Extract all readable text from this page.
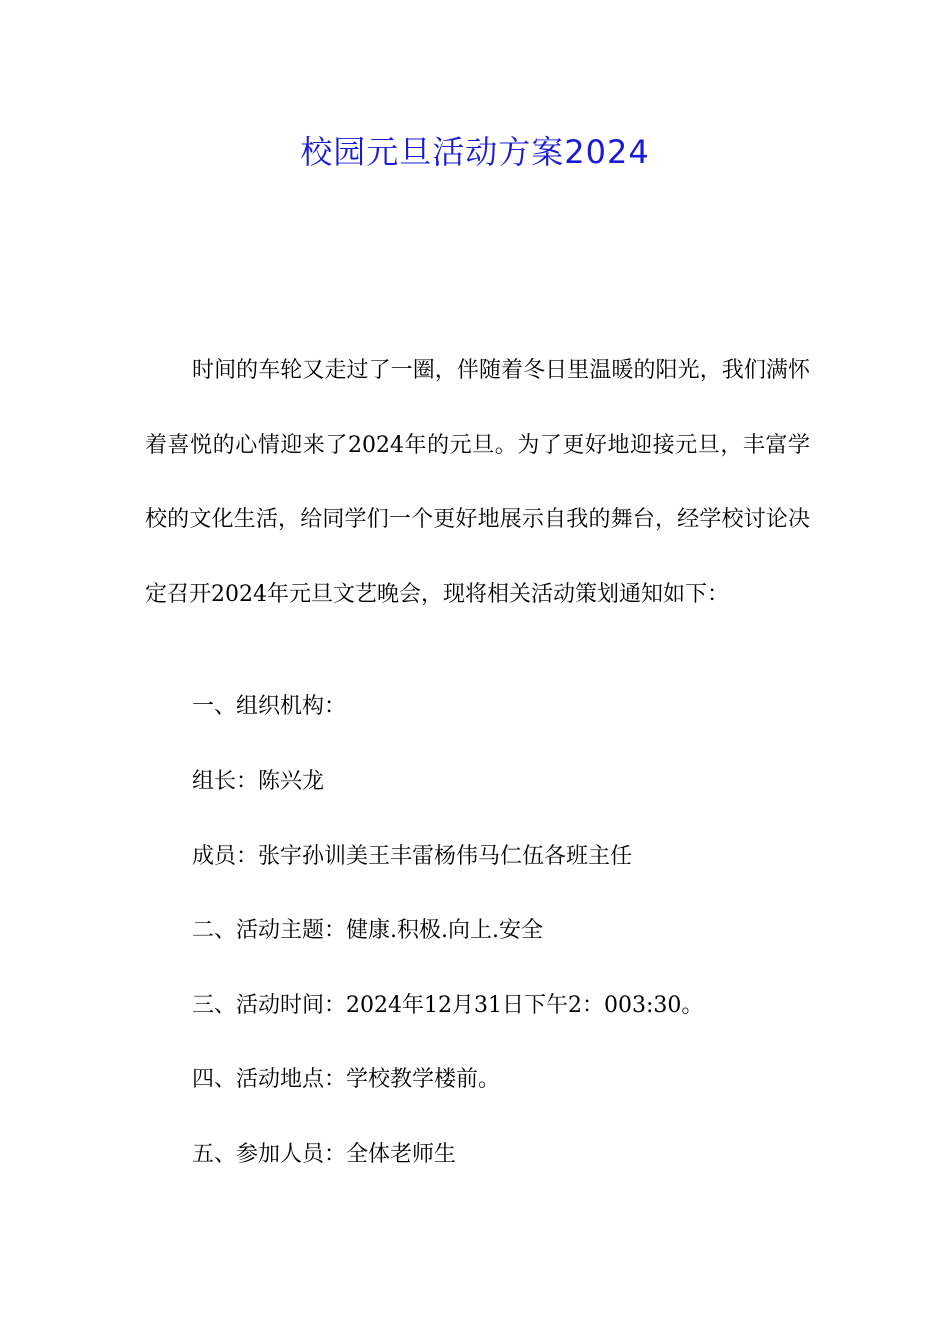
校园元旦活动方案2024
时间的车轮又走过了一圈，伴随着冬日里温暖的阳光，我们满怀着喜悦的心情迎来了2024年的元旦。为了更好地迎接元旦，丰富学校的文化生活，给同学们一个更好地展示自我的舞台，经学校讨论决定召开2024年元旦文艺晚会，现将相关活动策划通知如下：
一、组织机构：
组长：陈兴龙
成员：张宇孙训美王丰雷杨伟马仁伍各班主任
二、活动主题：健康.积极.向上.安全
三、活动时间：2024年12月31日下午2：003:30。
四、活动地点：学校教学楼前。
五、参加人员：全体老师生
